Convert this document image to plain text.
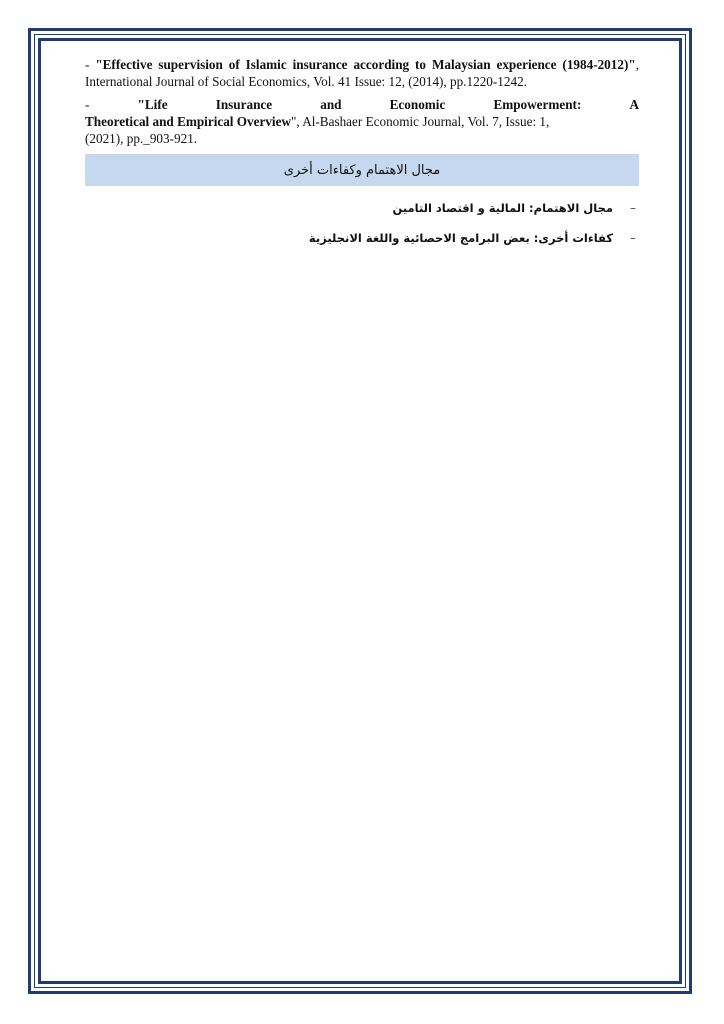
- "Effective supervision of Islamic insurance according to Malaysian experience (1984-2012)", International Journal of Social Economics, Vol. 41 Issue: 12, (2014), pp.1220-1242.

-	"Life	Insurance	and	Economic	Empowerment:	A
Theoretical and Empirical Overview", Al-Bashaer Economic Journal, Vol. 7, Issue: 1,
(2021), pp._903-921.
مجال الاهتمام وكفاءات أخرى
–
مجال الاهتمام: المالية و اقتصاد التامين
–
كفاءات أخرى: بعض البرامج الاحصائية واللغة الانجليزية
